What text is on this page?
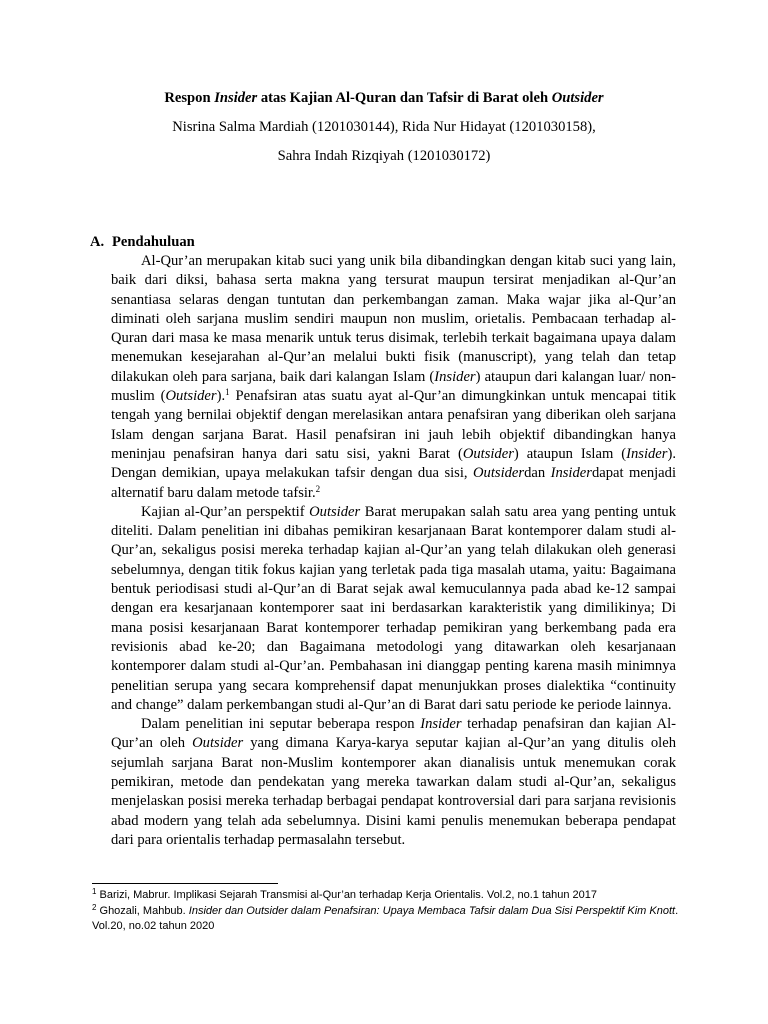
Respon Insider atas Kajian Al-Quran dan Tafsir di Barat oleh Outsider

Nisrina Salma Mardiah (1201030144), Rida Nur Hidayat (1201030158),
Sahra Indah Rizqiyah (1201030172)
A. Pendahuluan

Al-Qur’an merupakan kitab suci yang unik bila dibandingkan dengan kitab suci yang lain, baik dari diksi, bahasa serta makna yang tersurat maupun tersirat menjadikan al-Qur’an senantiasa selaras dengan tuntutan dan perkembangan zaman. Maka wajar jika al-Qur’an diminati oleh sarjana muslim sendiri maupun non muslim, orietalis. Pembacaan terhadap al-Quran dari masa ke masa menarik untuk terus disimak, terlebih terkait bagaimana upaya dalam menemukan kesejarahan al-Qur’an melalui bukti fisik (manuscript), yang telah dan tetap dilakukan oleh para sarjana, baik dari kalangan Islam (Insider) ataupun dari kalangan luar/ non-muslim (Outsider).$^1$ Penafsiran atas suatu ayat al-Qur’an dimungkinkan untuk mencapai titik tengah yang bernilai objektif dengan merelasikan antara penafsiran yang diberikan oleh sarjana Islam dengan sarjana Barat. Hasil penafsiran ini jauh lebih objektif dibandingkan hanya meninjau penafsiran hanya dari satu sisi, yakni Barat (Outsider) ataupun Islam (Insider). Dengan demikian, upaya melakukan tafsir dengan dua sisi, Outsiderdan Insiderdapat menjadi alternatif baru dalam metode tafsir.$^2$

Kajian al-Qur’an perspektif Outsider Barat merupakan salah satu area yang penting untuk diteliti. Dalam penelitian ini dibahas pemikiran kesarjanaan Barat kontemporer dalam studi al-Qur’an, sekaligus posisi mereka terhadap kajian al-Qur’an yang telah dilakukan oleh generasi sebelumnya, dengan titik fokus kajian yang terletak pada tiga masalah utama, yaitu: Bagaimana bentuk periodisasi studi al-Qur’an di Barat sejak awal kemuculannya pada abad ke-12 sampai dengan era kesarjanaan kontemporer saat ini berdasarkan karakteristik yang dimilikinya; Di mana posisi kesarjanaan Barat kontemporer terhadap pemikiran yang berkembang pada era revisionis abad ke-20; dan Bagaimana metodologi yang ditawarkan oleh kesarjanaan kontemporer dalam studi al-Qur’an. Pembahasan ini dianggap penting karena masih minimnya penelitian serupa yang secara komprehensif dapat menunjukkan proses dialektika “continuity and change” dalam perkembangan studi al-Qur’an di Barat dari satu periode ke periode lainnya.

Dalam penelitian ini seputar beberapa respon Insider terhadap penafsiran dan kajian Al-Qur’an oleh Outsider yang dimana Karya-karya seputar kajian al-Qur’an yang ditulis oleh sejumlah sarjana Barat non-Muslim kontemporer akan dianalisis untuk menemukan corak pemikiran, metode dan pendekatan yang mereka tawarkan dalam studi al-Qur’an, sekaligus menjelaskan posisi mereka terhadap berbagai pendapat kontroversial dari para sarjana revisionis abad modern yang telah ada sebelumnya. Disini kami penulis menemukan beberapa pendapat dari para orientalis terhadap permasalahn tersebut.

$^1$ Barizi, Mabrur. Implikasi Sejarah Transmisi al-Qur’an terhadap Kerja Orientalis. Vol.2, no.1 tahun 2017

$^2$ Ghozali, Mahbub. Insider dan Outsider dalam Penafsiran: Upaya Membaca Tafsir dalam Dua Sisi Perspektif Kim Knott. Vol.20, no.02 tahun 2020
